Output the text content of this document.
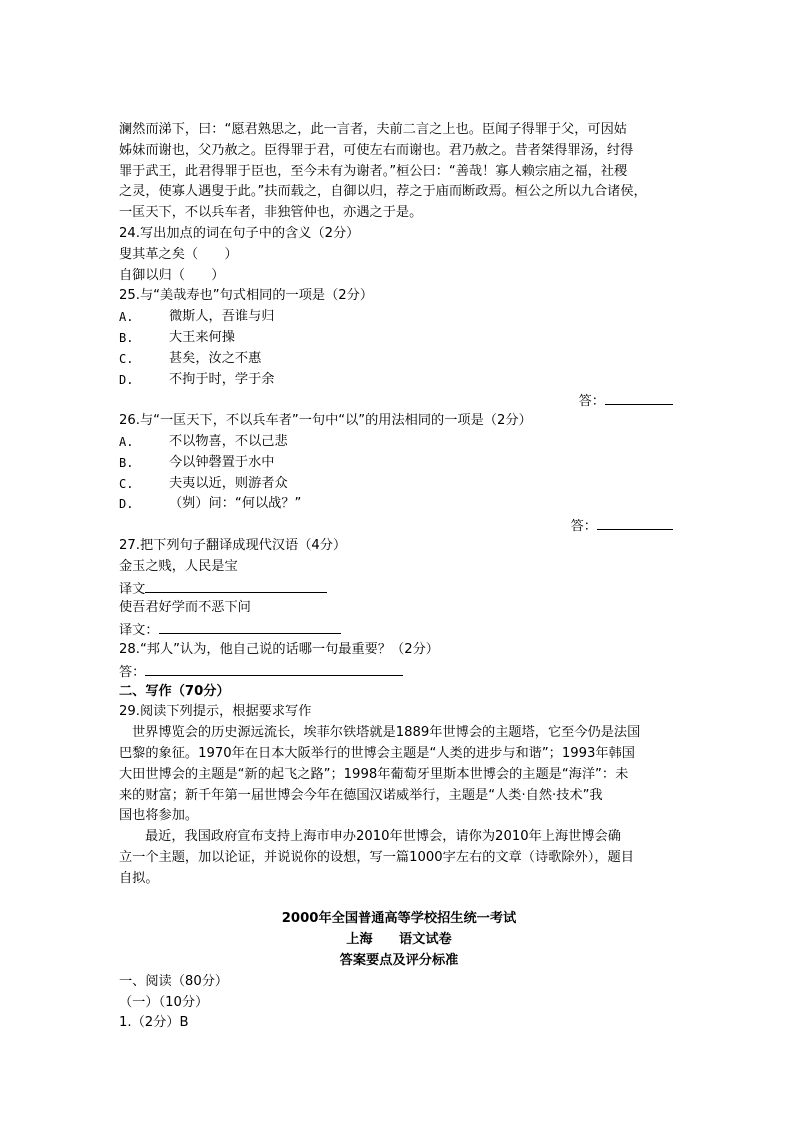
澜然而涕下，曰：“愿君熟思之，此一言者，夫前二言之上也。臣闻子得罪于父，可因姑
姊妹而谢也，父乃赦之。臣得罪于君，可使左右而谢也。君乃赦之。昔者桀得罪汤，纣得
罪于武王，此君得罪于臣也，至今未有为谢者。”桓公曰：“善哉！寡人赖宗庙之福，社稷
之灵，使寡人遇叟于此。”扶而载之，自御以归，荐之于庙而断政焉。桓公之所以九合诸侯，
一匡天下，不以兵车者，非独管仲也，亦遇之于是。
24.写出加点的词在句子中的含义（2分）
叟其革之矣（　　）
自御以归（　　）
25.与“美哉寿也”句式相同的一项是（2分）
A.	微斯人，吾谁与归
B.	大王来何操
C.	甚矣，汝之不惠
D.	不拘于时，学于余
答：
26.与“一匡天下，不以兵车者”一句中“以”的用法相同的一项是（2分）
A.	不以物喜，不以己悲
B.	今以钟磬置于水中
C.	夫夷以近，则游者众
D.	（刿）问：“何以战？”
答：
27.把下列句子翻译成现代汉语（4分）
金玉之贱，人民是宝
译文
使吾君好学而不恶下问
译文：
28.“邦人”认为，他自己说的话哪一句最重要？（2分）
答：
二、写作（70分）
29.阅读下列提示，根据要求写作
世界博览会的历史源远流长，埃菲尔铁塔就是1889年世博会的主题塔，它至今仍是法国
巴黎的象征。1970年在日本大阪举行的世博会主题是“人类的进步与和谐”；1993年韩国
大田世博会的主题是“新的起飞之路”；1998年葡萄牙里斯本世博会的主题是“海洋”：未
来的财富；新千年第一届世博会今年在德国汉诺威举行，主题是“人类·自然·技术”我
国也将参加。
最近，我国政府宣布支持上海市申办2010年世博会，请你为2010年上海世博会确
立一个主题，加以论证，并说说你的设想，写一篇1000字左右的文章（诗歌除外），题目
自拟。
2000年全国普通高等学校招生统一考试
上海　　语文试卷
答案要点及评分标准
一、阅读（80分）
（一）（10分）
1.（2分）B
